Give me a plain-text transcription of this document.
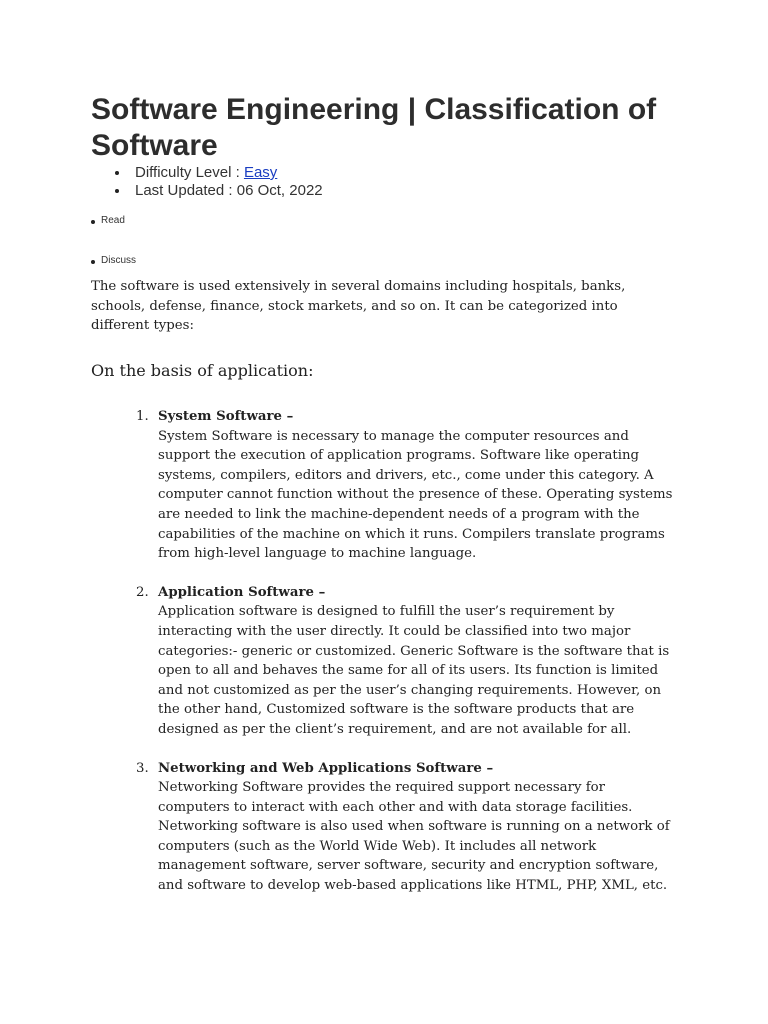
Software Engineering | Classification of Software
Difficulty Level : Easy
Last Updated : 06 Oct, 2022
Read
Discuss

The software is used extensively in several domains including hospitals, banks, schools, defense, finance, stock markets, and so on. It can be categorized into different types:

On the basis of application:
1. System Software –
System Software is necessary to manage the computer resources and support the execution of application programs. Software like operating systems, compilers, editors and drivers, etc., come under this category. A computer cannot function without the presence of these. Operating systems are needed to link the machine-dependent needs of a program with the capabilities of the machine on which it runs. Compilers translate programs from high-level language to machine language.
2. Application Software –
Application software is designed to fulfill the user’s requirement by interacting with the user directly. It could be classified into two major categories:- generic or customized. Generic Software is the software that is open to all and behaves the same for all of its users. Its function is limited and not customized as per the user’s changing requirements. However, on the other hand, Customized software is the software products that are designed as per the client’s requirement, and are not available for all.
3. Networking and Web Applications Software –
Networking Software provides the required support necessary for computers to interact with each other and with data storage facilities. Networking software is also used when software is running on a network of computers (such as the World Wide Web). It includes all network management software, server software, security and encryption software, and software to develop web-based applications like HTML, PHP, XML, etc.
